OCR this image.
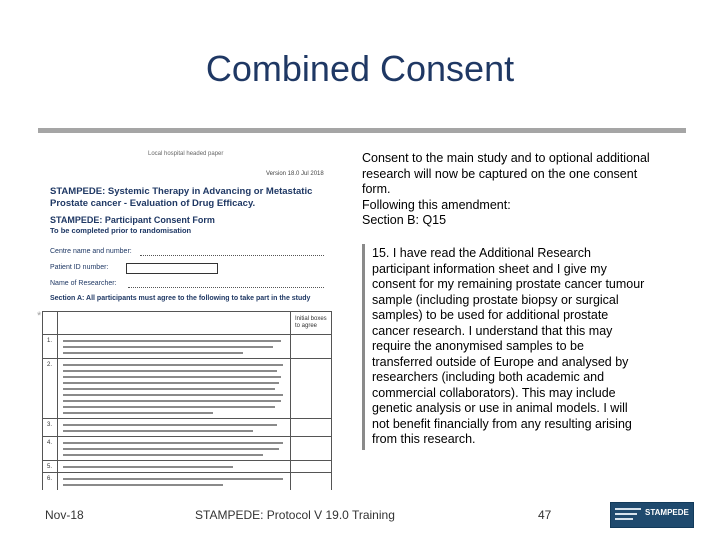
Combined Consent
Local hospital headed paper
Version 18.0 Jul 2018
STAMPEDE: Systemic Therapy in Advancing or Metastatic Prostate cancer - Evaluation of Drug Efficacy.
STAMPEDE: Participant Consent Form
To be completed prior to randomisation
Centre name and number:
Patient ID number:
Name of Researcher:
Section A: All participants must agree to the following to take part in the study
Initial boxes to agree
1.
2.
3.
4.
5.
6.
*
Consent to the main study and to optional additional
research will now be captured on the one consent
form.
Following this amendment:
Section B: Q15
15. I have read the Additional Research
participant information sheet and I give my
consent for my remaining prostate cancer tumour
sample (including prostate biopsy or surgical
samples) to be used for additional prostate
cancer research. I understand that this may
require the anonymised samples to be
transferred outside of Europe and analysed by
researchers (including both academic and
commercial collaborators). This may include
genetic analysis or use in animal models. I will
not benefit financially from any resulting arising
from this research.
Nov-18	STAMPEDE: Protocol V 19.0 Training	47	STAMPEDE
